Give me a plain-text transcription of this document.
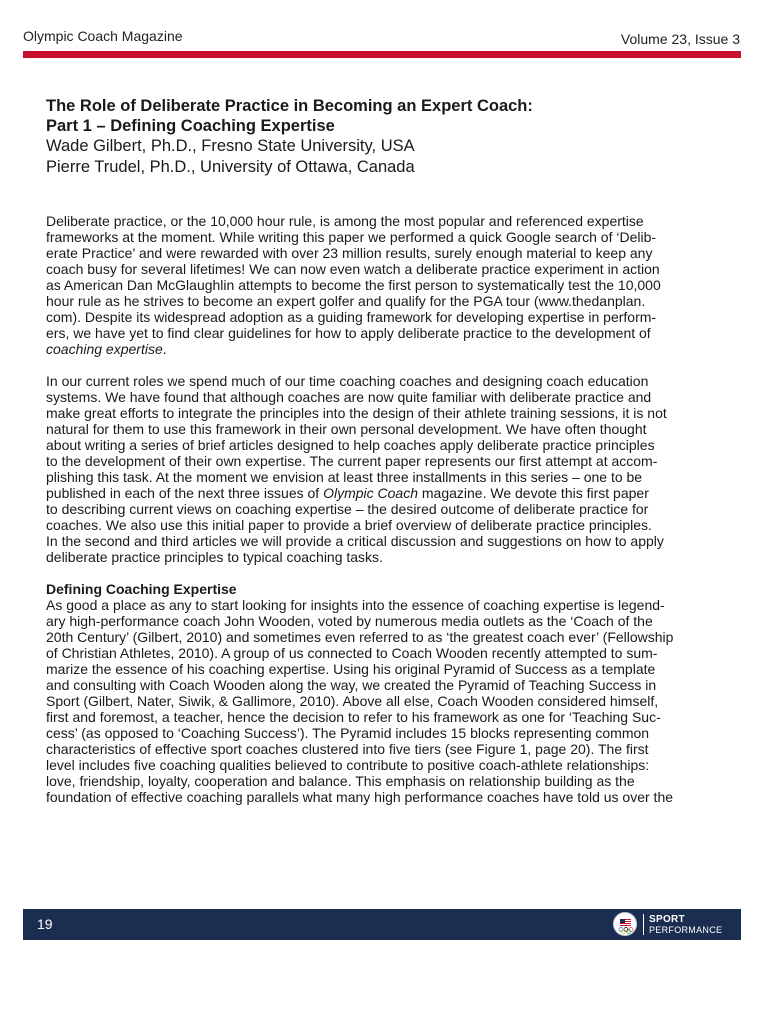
Olympic Coach Magazine	Volume 23, Issue 3
The Role of Deliberate Practice in Becoming an Expert Coach:
Part 1 – Defining Coaching Expertise
Wade Gilbert, Ph.D., Fresno State University, USA
Pierre Trudel, Ph.D., University of Ottawa, Canada
Deliberate practice, or the 10,000 hour rule, is among the most popular and referenced expertise
frameworks at the moment. While writing this paper we performed a quick Google search of ‘Delib-
erate Practice’ and were rewarded with over 23 million results, surely enough material to keep any
coach busy for several lifetimes! We can now even watch a deliberate practice experiment in action
as American Dan McGlaughlin attempts to become the first person to systematically test the 10,000
hour rule as he strives to become an expert golfer and qualify for the PGA tour (www.thedanplan.
com). Despite its widespread adoption as a guiding framework for developing expertise in perform-
ers, we have yet to find clear guidelines for how to apply deliberate practice to the development of
coaching expertise.
In our current roles we spend much of our time coaching coaches and designing coach education
systems. We have found that although coaches are now quite familiar with deliberate practice and
make great efforts to integrate the principles into the design of their athlete training sessions, it is not
natural for them to use this framework in their own personal development. We have often thought
about writing a series of brief articles designed to help coaches apply deliberate practice principles
to the development of their own expertise. The current paper represents our first attempt at accom-
plishing this task. At the moment we envision at least three installments in this series – one to be
published in each of the next three issues of Olympic Coach magazine. We devote this first paper
to describing current views on coaching expertise – the desired outcome of deliberate practice for
coaches. We also use this initial paper to provide a brief overview of deliberate practice principles.
In the second and third articles we will provide a critical discussion and suggestions on how to apply
deliberate practice principles to typical coaching tasks.
Defining Coaching Expertise
As good a place as any to start looking for insights into the essence of coaching expertise is legend-
ary high-performance coach John Wooden, voted by numerous media outlets as the ‘Coach of the
20th Century’ (Gilbert, 2010) and sometimes even referred to as ‘the greatest coach ever’ (Fellowship
of Christian Athletes, 2010). A group of us connected to Coach Wooden recently attempted to sum-
marize the essence of his coaching expertise. Using his original Pyramid of Success as a template
and consulting with Coach Wooden along the way, we created the Pyramid of Teaching Success in
Sport (Gilbert, Nater, Siwik, & Gallimore, 2010). Above all else, Coach Wooden considered himself,
first and foremost, a teacher, hence the decision to refer to his framework as one for ‘Teaching Suc-
cess’ (as opposed to ‘Coaching Success’). The Pyramid includes 15 blocks representing common
characteristics of effective sport coaches clustered into five tiers (see Figure 1, page 20). The first
level includes five coaching qualities believed to contribute to positive coach-athlete relationships:
love, friendship, loyalty, cooperation and balance. This emphasis on relationship building as the
foundation of effective coaching parallels what many high performance coaches have told us over the
19	SPORT
PERFORMANCE
